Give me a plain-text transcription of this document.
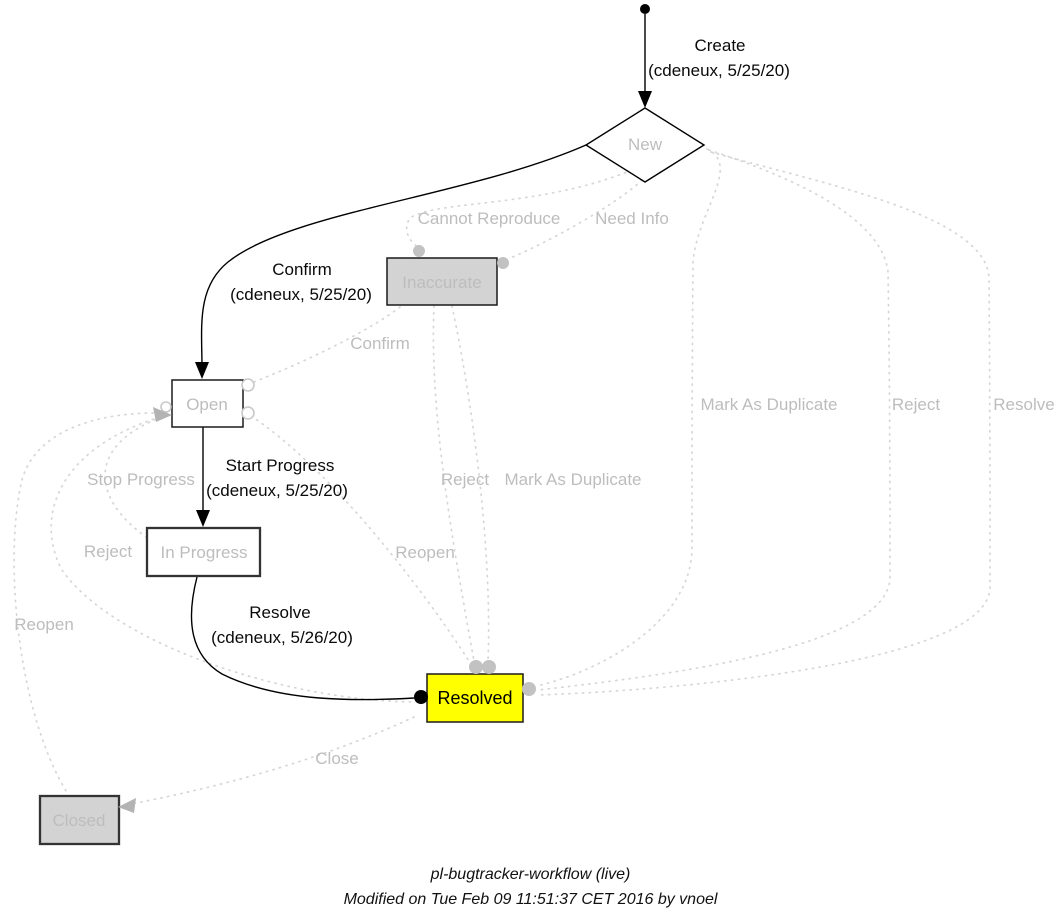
New
Inaccurate
Open
In Progress
Resolved
Closed
Create
(cdeneux, 5/25/20)
Confirm
(cdeneux, 5/25/20)
Start Progress
(cdeneux, 5/25/20)
Resolve
(cdeneux, 5/26/20)
Cannot Reproduce Need Info
Confirm
Mark As Duplicate	Reject	Resolve
Stop Progress	Reject Mark As Duplicate
Reopen
Reject
Reopen
Close
pl-bugtracker-workflow (live)
Modified on Tue Feb 09 11:51:37 CET 2016 by vnoel
